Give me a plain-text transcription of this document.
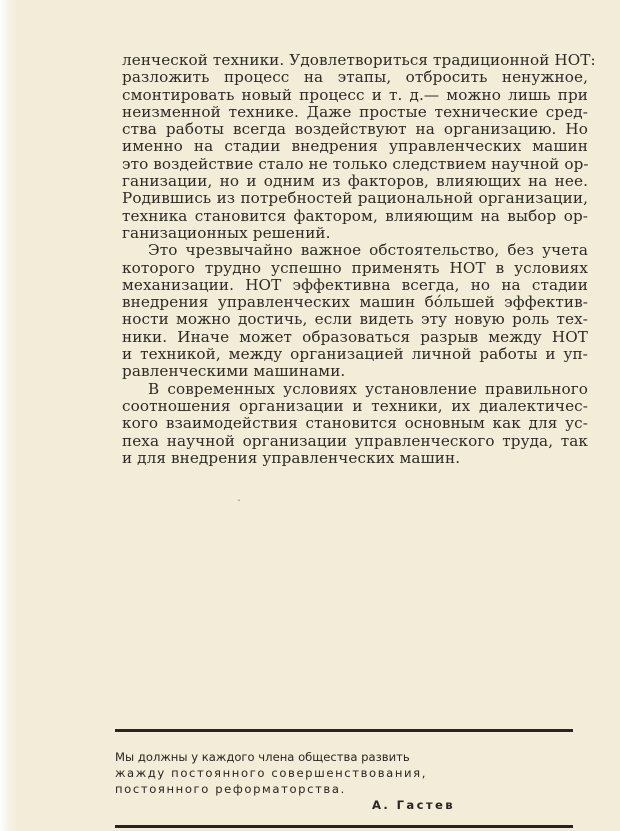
ленческой техники. Удовлетвориться традиционной НОТ:
разложить процесс на этапы, отбросить ненужное,
смонтировать новый процесс и т. д.— можно лишь при
неизменной технике. Даже простые технические сред-
ства работы всегда воздействуют на организацию. Но
именно на стадии внедрения управленческих машин
это воздействие стало не только следствием научной ор-
ганизации, но и одним из факторов, влияющих на нее.
Родившись из потребностей рациональной организации,
техника становится фактором, влияющим на выбор ор-
ганизационных решений.
Это чрезвычайно важное обстоятельство, без учета
которого трудно успешно применять НОТ в условиях
механизации. НОТ эффективна всегда, но на стадии
внедрения управленческих машин бо́льшей эффектив-
ности можно достичь, если видеть эту новую роль тех-
ники. Иначе может образоваться разрыв между НОТ
и техникой, между организацией личной работы и уп-
равленческими машинами.
В современных условиях установление правильного
соотношения организации и техники, их диалектичес-
кого взаимодействия становится основным как для ус-
пеха научной организации управленческого труда, так
и для внедрения управленческих машин.
ˇ
Мы должны у каждого члена общества развить
жажду постоянного совершенствования,
постоянного реформаторства.
А. Гастев
